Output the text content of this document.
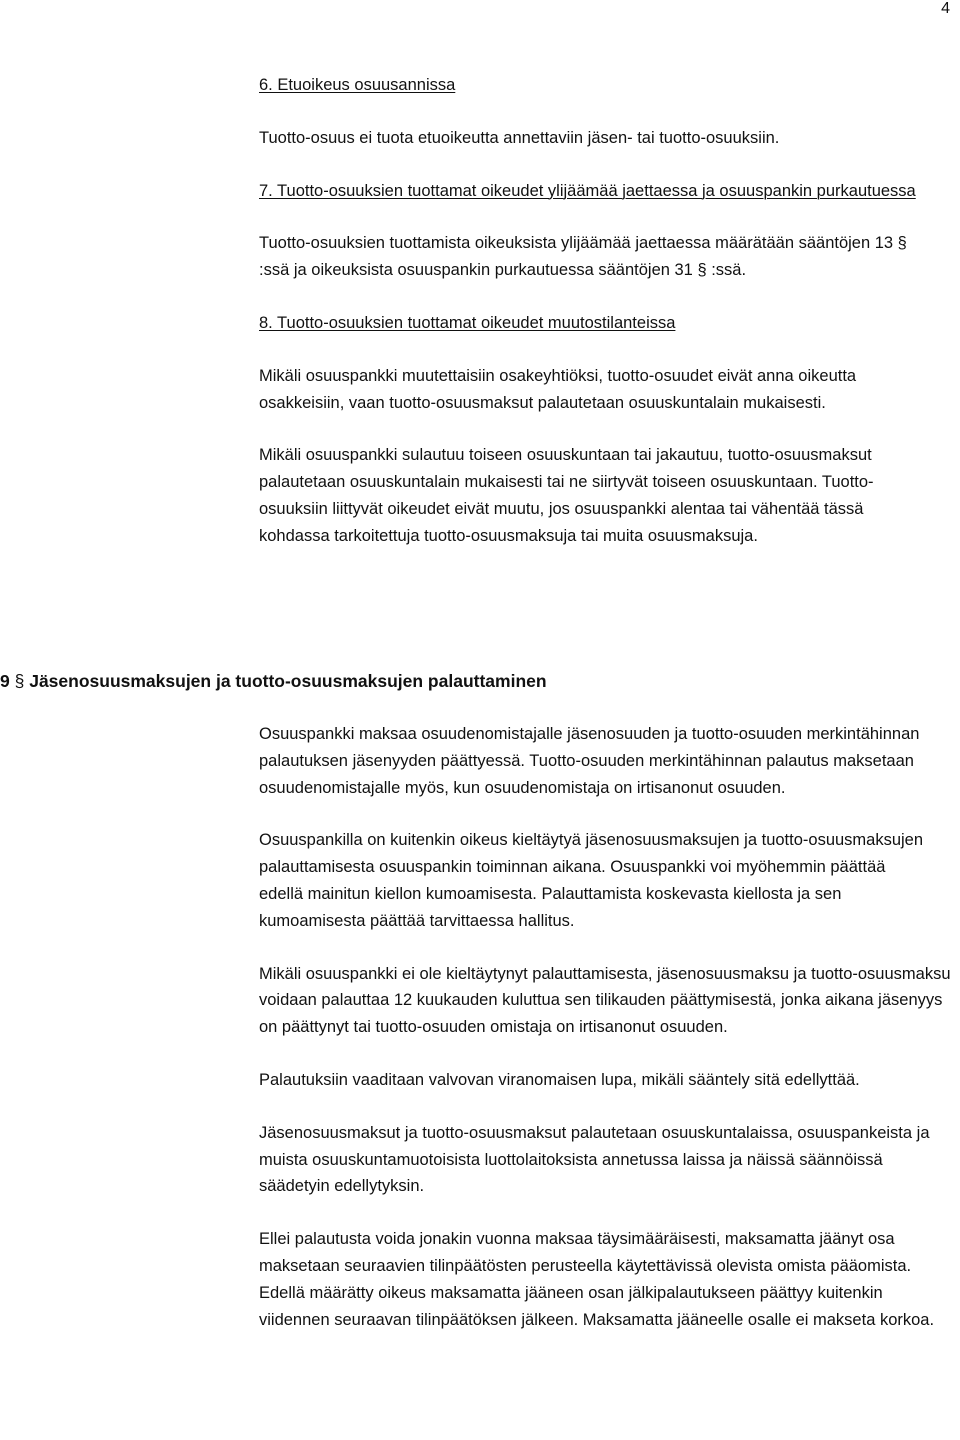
4

6. Etuoikeus osuusannissa

Tuotto-osuus ei tuota etuoikeutta annettaviin jäsen- tai tuotto-osuuksiin.

7. Tuotto-osuuksien tuottamat oikeudet ylijäämää jaettaessa ja osuuspankin purkautuessa

Tuotto-osuuksien tuottamista oikeuksista ylijäämää jaettaessa määrätään sääntöjen 13 § :ssä ja oikeuksista osuuspankin purkautuessa sääntöjen 31 § :ssä.

8. Tuotto-osuuksien tuottamat oikeudet muutostilanteissa

Mikäli osuuspankki muutettaisiin osakeyhtiöksi, tuotto-osuudet eivät anna oikeutta osakkeisiin, vaan tuotto-osuusmaksut palautetaan osuuskuntalain mukaisesti.

Mikäli osuuspankki sulautuu toiseen osuuskuntaan tai jakautuu, tuotto-osuusmaksut palautetaan osuuskuntalain mukaisesti tai ne siirtyvät toiseen osuuskuntaan. Tuotto-osuuksiin liittyvät oikeudet eivät muutu, jos osuuspankki alentaa tai vähentää tässä kohdassa tarkoitettuja tuotto-osuusmaksuja tai muita osuusmaksuja.

9 § Jäsenosuusmaksujen ja tuotto-osuusmaksujen palauttaminen

Osuuspankki maksaa osuudenomistajalle jäsenosuuden ja tuotto-osuuden merkintähinnan palautuksen jäsenyyden päättyessä. Tuotto-osuuden merkintähinnan palautus maksetaan osuudenomistajalle myös, kun osuudenomistaja on irtisanonut osuuden.

Osuuspankilla on kuitenkin oikeus kieltäytyä jäsenosuusmaksujen ja tuotto-osuusmaksujen palauttamisesta osuuspankin toiminnan aikana. Osuuspankki voi myöhemmin päättää edellä mainitun kiellon kumoamisesta. Palauttamista koskevasta kiellosta ja sen kumoamisesta päättää tarvittaessa hallitus.

Mikäli osuuspankki ei ole kieltäytynyt palauttamisesta, jäsenosuusmaksu ja tuotto-osuusmaksu voidaan palauttaa 12 kuukauden kuluttua sen tilikauden päättymisestä, jonka aikana jäsenyys on päättynyt tai tuotto-osuuden omistaja on irtisanonut osuuden.

Palautuksiin vaaditaan valvovan viranomaisen lupa, mikäli sääntely sitä edellyttää.

Jäsenosuusmaksut ja tuotto-osuusmaksut palautetaan osuuskuntalaissa, osuuspankeista ja muista osuuskuntamuotoisista luottolaitoksista annetussa laissa ja näissä säännöissä säädetyin edellytyksin.

Ellei palautusta voida jonakin vuonna maksaa täysimääräisesti, maksamatta jäänyt osa maksetaan seuraavien tilinpäätösten perusteella käytettävissä olevista omista pääomista. Edellä määrätty oikeus maksamatta jääneen osan jälkipalautukseen päättyy kuitenkin viidennen seuraavan tilinpäätöksen jälkeen. Maksamatta jääneelle osalle ei makseta korkoa.
